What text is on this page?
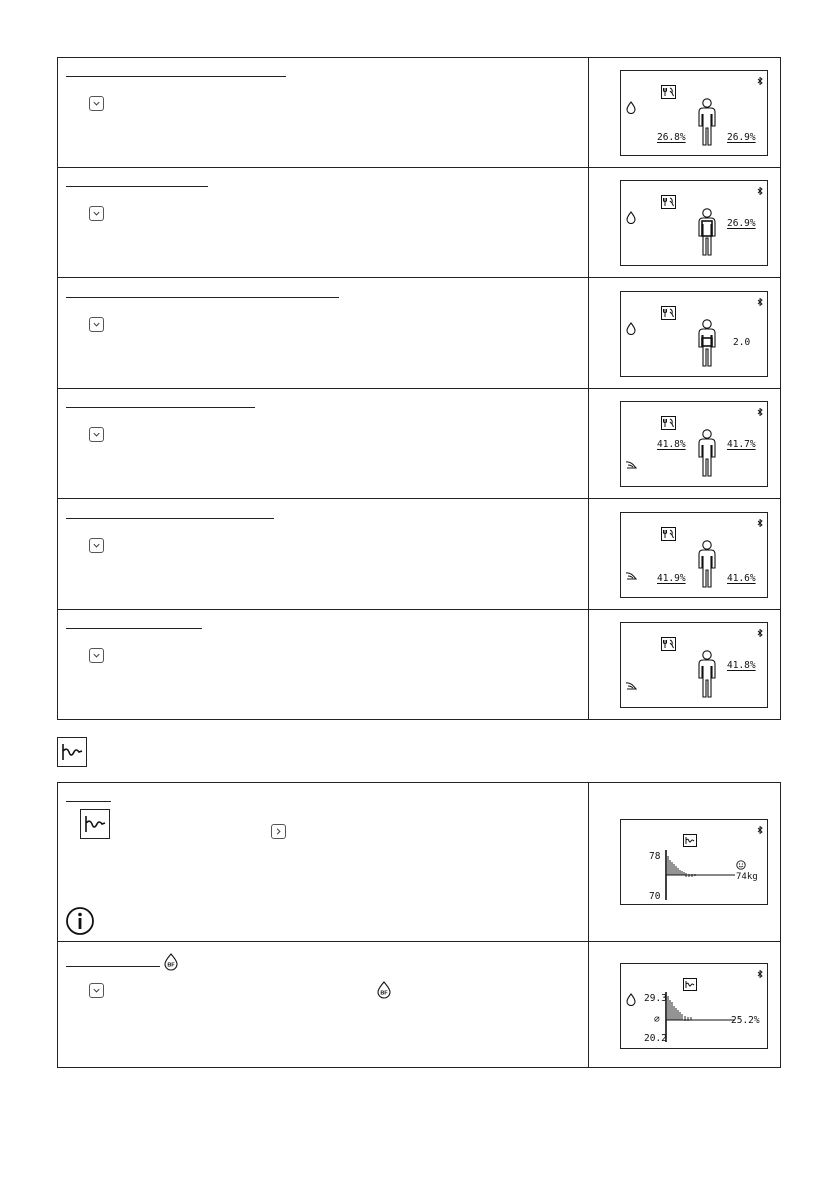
26.8%	26.9%
26.9%
2.0
41.8%	41.7%
41.9%	41.6%
41.8%
78
70
74kg
BF
BF	29.3
⌀
20.2
25.2%
